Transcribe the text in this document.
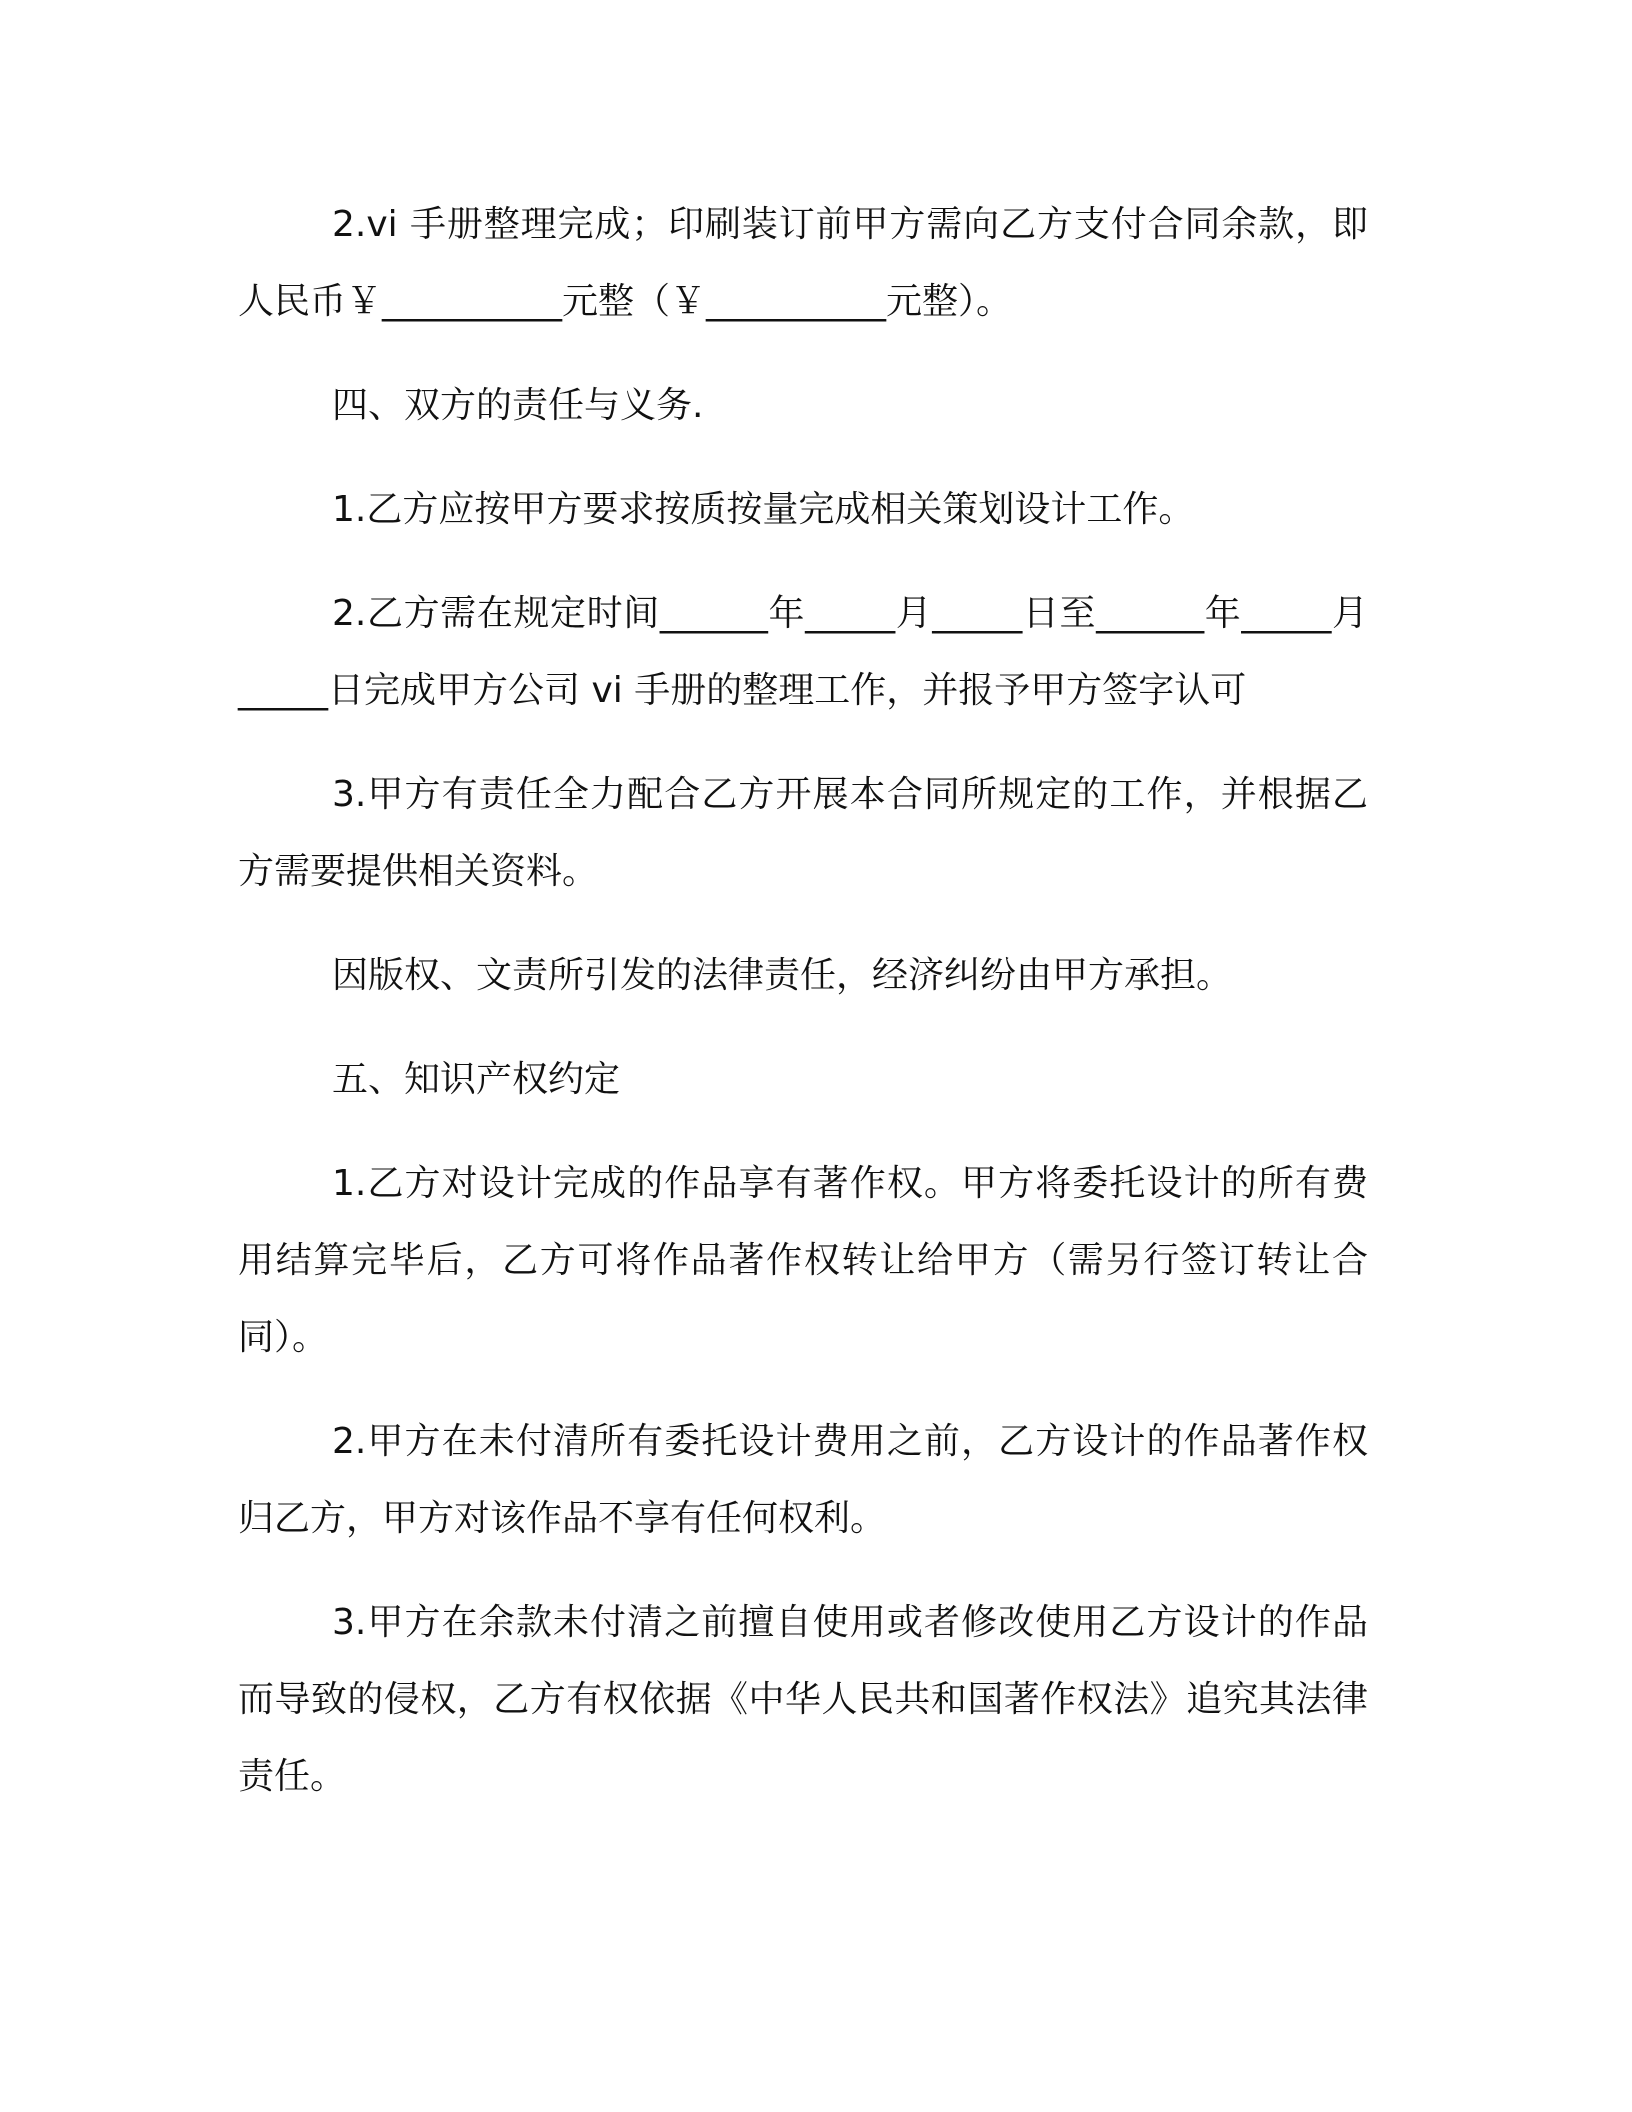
2.vi 手册整理完成；印刷装订前甲方需向乙方支付合同余款，即人民币￥__________元整（￥__________元整）。

四、双方的责任与义务.

1.乙方应按甲方要求按质按量完成相关策划设计工作。

2.乙方需在规定时间______年_____月_____日至______年_____月_____日完成甲方公司 vi 手册的整理工作，并报予甲方签字认可

3.甲方有责任全力配合乙方开展本合同所规定的工作，并根据乙方需要提供相关资料。

因版权、文责所引发的法律责任，经济纠纷由甲方承担。

五、知识产权约定

1.乙方对设计完成的作品享有著作权。甲方将委托设计的所有费用结算完毕后，乙方可将作品著作权转让给甲方（需另行签订转让合同）。

2.甲方在未付清所有委托设计费用之前，乙方设计的作品著作权归乙方，甲方对该作品不享有任何权利。

3.甲方在余款未付清之前擅自使用或者修改使用乙方设计的作品而导致的侵权，乙方有权依据《中华人民共和国著作权法》追究其法律责任。
